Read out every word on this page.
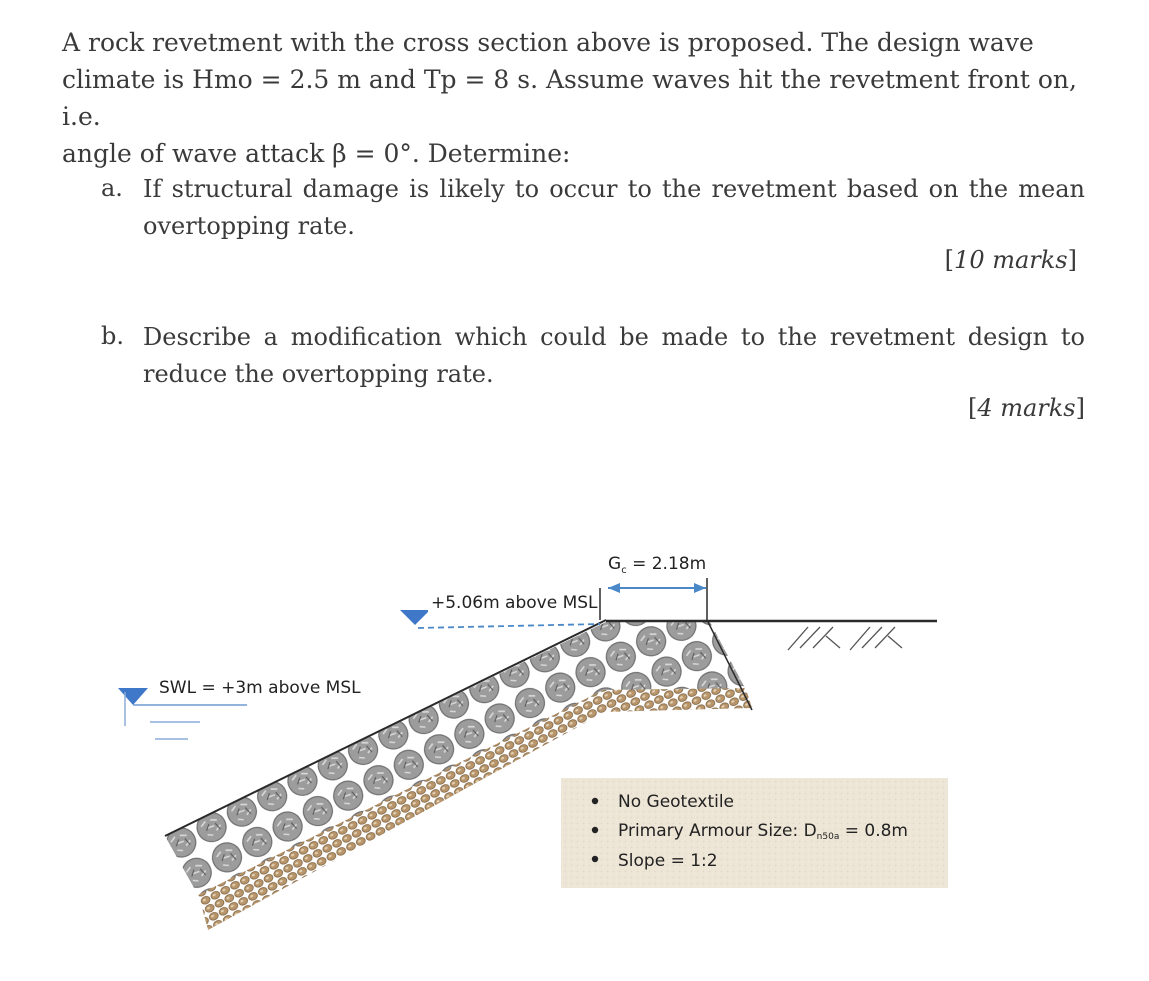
A rock revetment with the cross section above is proposed. The design wave
climate is Hmo = 2.5 m and Tp = 8 s. Assume waves hit the revetment front on, i.e.
angle of wave attack β = 0°. Determine:
a. If structural damage is likely to occur to the revetment based on the mean
overtopping rate.
[10 marks]
b. Describe a modification which could be made to the revetment design to
reduce the overtopping rate.
[4 marks]
+5.06m above MSL
$G_c = 2.18m$
SWL = +3m above MSL
No Geotextile
Primary Armour Size: Dn50a = 0.8m
Slope = 1:2
